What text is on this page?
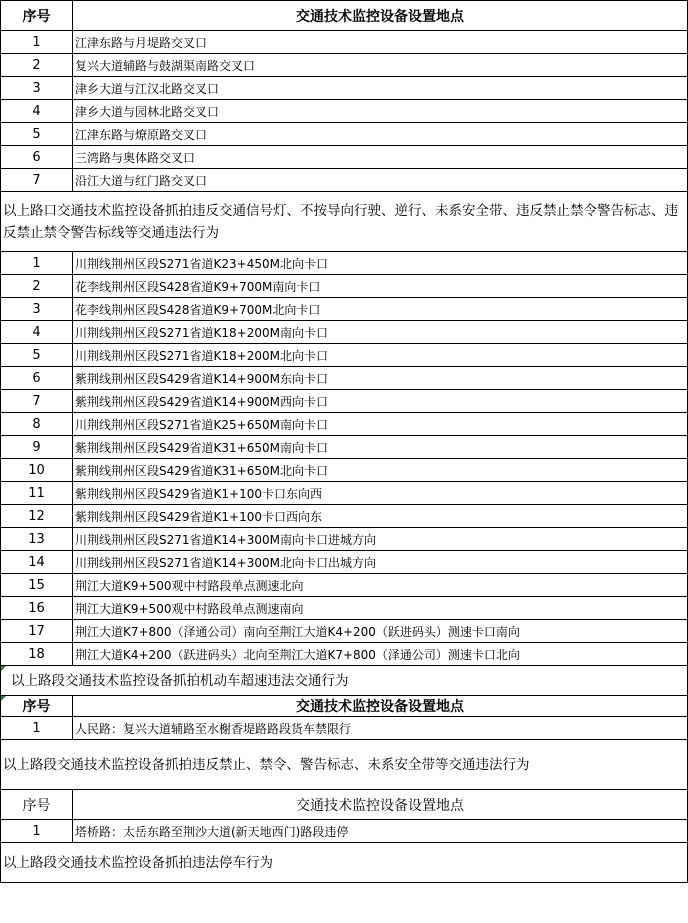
序号	交通技术监控设备设置地点
1	江津东路与月堤路交叉口
2	复兴大道辅路与鼓湖渠南路交叉口
3	津乡大道与江汉北路交叉口
4	津乡大道与园林北路交叉口
5	江津东路与燎原路交叉口
6	三湾路与奥体路交叉口
7	沿江大道与红门路交叉口
以上路口交通技术监控设备抓拍违反交通信号灯、不按导向行驶、逆行、未系安全带、违反禁止禁令警告标志、违反禁止禁令警告标线等交通违法行为	
1	川荆线荆州区段S271省道K23+450M北向卡口
2	花李线荆州区段S428省道K9+700M南向卡口
3	花李线荆州区段S428省道K9+700M北向卡口
4	川荆线荆州区段S271省道K18+200M南向卡口
5	川荆线荆州区段S271省道K18+200M北向卡口
6	紫荆线荆州区段S429省道K14+900M东向卡口
7	紫荆线荆州区段S429省道K14+900M西向卡口
8	川荆线荆州区段S271省道K25+650M南向卡口
9	紫荆线荆州区段S429省道K31+650M南向卡口
10	紫荆线荆州区段S429省道K31+650M北向卡口
11	紫荆线荆州区段S429省道K1+100卡口东向西
12	紫荆线荆州区段S429省道K1+100卡口西向东
13	川荆线荆州区段S271省道K14+300M南向卡口进城方向
14	川荆线荆州区段S271省道K14+300M北向卡口出城方向
15	荆江大道K9+500观中村路段单点测速北向
16	荆江大道K9+500观中村路段单点测速南向
17	荆江大道K7+800（泽通公司）南向至荆江大道K4+200（跃进码头）测速卡口南向
18	荆江大道K4+200（跃进码头）北向至荆江大道K7+800（泽通公司）测速卡口北向
以上路段交通技术监控设备抓拍机动车超速违法交通行为	
序号	交通技术监控设备设置地点
1	人民路：复兴大道辅路至水榭香堤路路段货车禁限行
以上路段交通技术监控设备抓拍违反禁止、禁令、警告标志、未系安全带等交通违法行为	
序号	交通技术监控设备设置地点
1	塔桥路：太岳东路至荆沙大道(新天地西门)路段违停
以上路段交通技术监控设备抓拍违法停车行为	
